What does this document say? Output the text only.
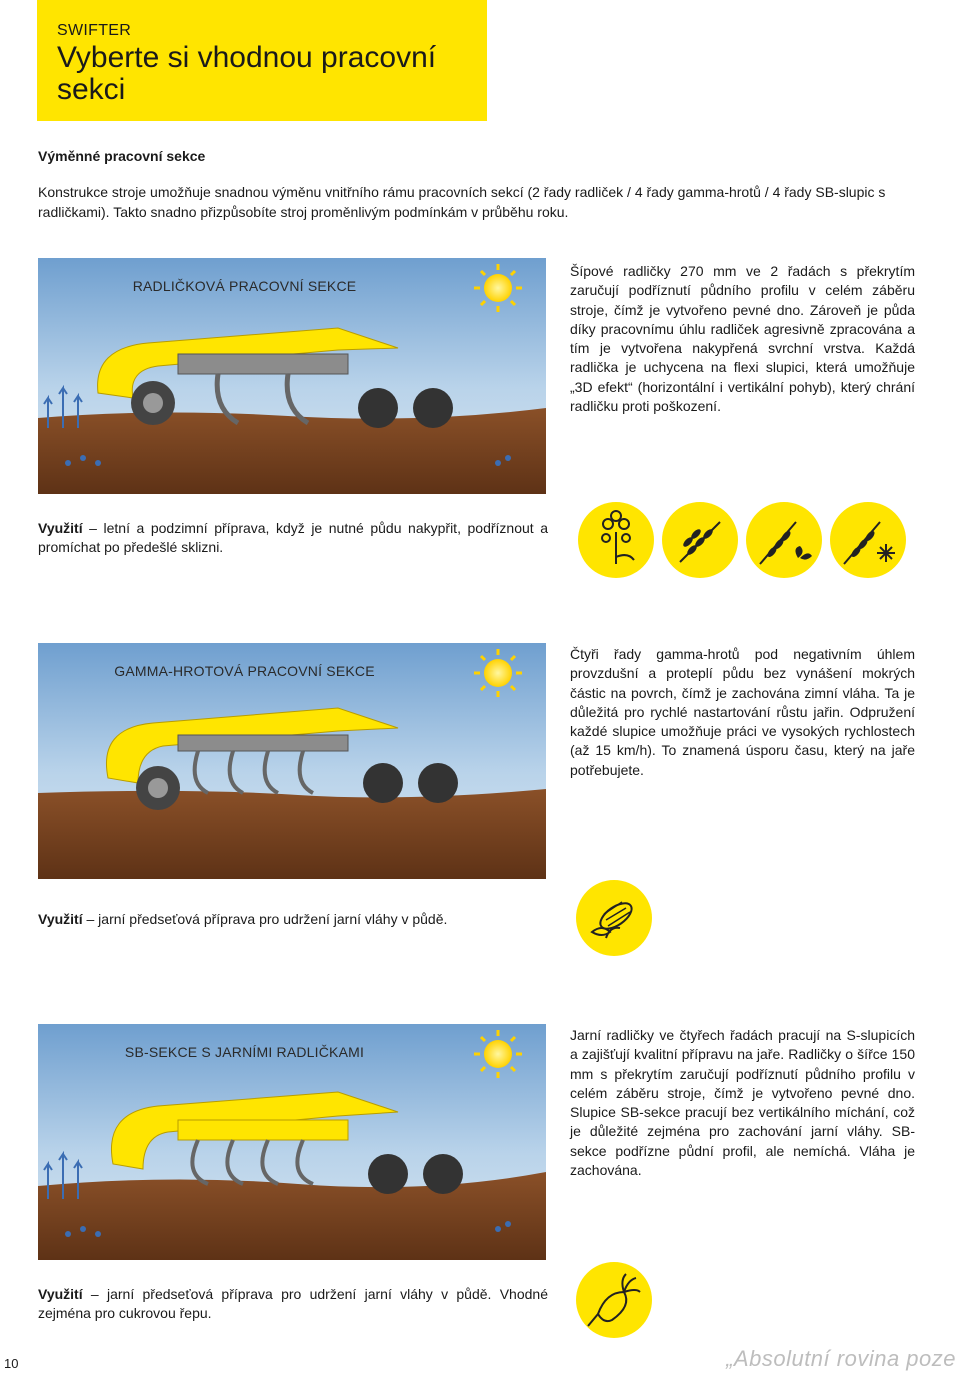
SWIFTER
Vyberte si vhodnou pracovní
sekci
Výměnné pracovní sekce

Konstrukce stroje umožňuje snadnou výměnu vnitřního rámu pracovních sekcí (2 řady radliček / 4 řady gamma-hrotů / 4 řady SB-slupic s radličkami). Takto snadno přizpůsobíte stroj proměnlivým podmínkám v průběhu roku.

RADLIČKOVÁ PRACOVNÍ SEKCE

Šípové radličky 270 mm ve 2 řadách s překrytím zaručují podříznutí půdního profilu v celém záběru stroje, čímž je vytvořeno pevné dno. Zároveň je půda díky pracovnímu úhlu radliček agresivně zpracována a tím je vytvořena nakypřená svrchní vrstva. Každá radlička je uchycena na flexi slupici, která umožňuje „3D efekt“ (horizontální i vertikální pohyb), který chrání radličku proti poškození.

Využití – letní a podzimní příprava, když je nutné půdu nakypřit, podříznout a promíchat po předešlé sklizni.

GAMMA-HROTOVÁ PRACOVNÍ SEKCE

Čtyři řady gamma-hrotů pod negativním úhlem provzdušní a proteplí půdu bez vynášení mokrých částic na povrch, čímž je zachována zimní vláha. Ta je důležitá pro rychlé nastartování růstu jařin. Odpružení každé slupice umožňuje práci ve vysokých rychlostech (až 15 km/h). To znamená úsporu času, který na jaře potřebujete.

Využití – jarní předseťová příprava pro udržení jarní vláhy v půdě.

SB-SEKCE S JARNÍMI RADLIČKAMI

Jarní radličky ve čtyřech řadách pracují na S-slupicích a zajišťují kvalitní přípravu na jaře. Radličky o šířce 150 mm s překrytím zaručují podříznutí půdního profilu v celém záběru stroje, čímž je vytvořeno pevné dno. Slupice SB-sekce pracují bez vertikálního míchání, což je důležité zejména pro zachování jarní vláhy. SB-sekce podřízne půdní profil, ale nemíchá. Vláha je zachována.

Využití – jarní předseťová příprava pro udržení jarní vláhy v půdě. Vhodné zejména pro cukrovou řepu.

10	„Absolutní rovina poze
